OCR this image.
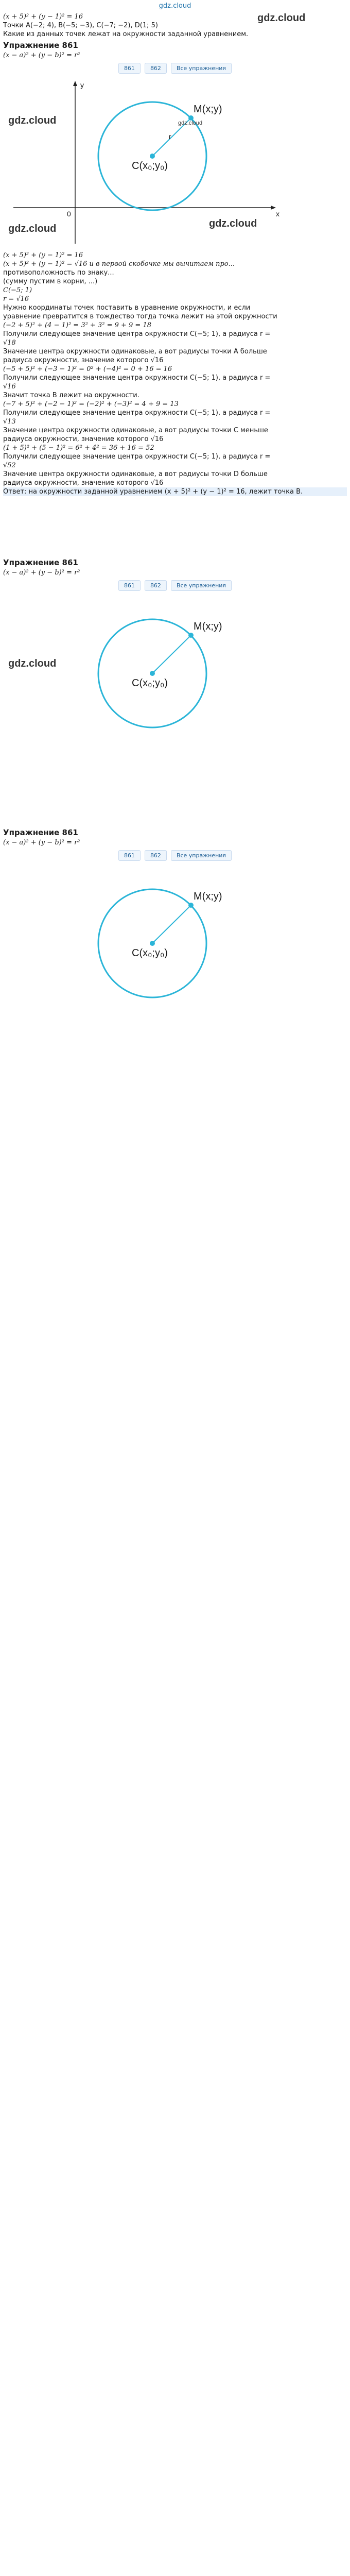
gdz.cloud

(x + 5)² + (y − 1)² = 16

Точки A(−2; 4), B(−5; −3), C(−7; −2), D(1; 5)

Какие из данных точек лежат на окружности заданной уравнением.

gdz.cloud
Упражнение 861

(x − a)² + (y − b)² = r²

861	862	Все упражнения
M(x;y)
C(x₀;y₀)
r
x
y
0
gdz.cloud
gdz.cloud
gdz.cloud	gdz.cloud

(x + 5)² + (y − 1)² = 16

(x + 5)² + (y − 1)² = √16 и в первой скобочке мы вычитаем про...

противоположность по знаку...

(сумму пустим в корни, ...)

C(−5; 1)

r = √16

Нужно координаты точек поставить в уравнение окружности, и если

уравнение превратится в тождество тогда точка лежит на этой окружности

(−2 + 5)² + (4 − 1)² = 3² + 3² = 9 + 9 = 18

Получили следующее значение центра окружности C(−5; 1), а радиуса r =

√18

Значение центра окружности одинаковые, а вот радиусы точки A больше

радиуса окружности, значение которого √16

(−5 + 5)² + (−3 − 1)² = 0² + (−4)² = 0 + 16 = 16

Получили следующее значение центра окружности C(−5; 1), а радиуса r =

√16

Значит точка B лежит на окружности.

(−7 + 5)² + (−2 − 1)² = (−2)² + (−3)² = 4 + 9 = 13

Получили следующее значение центра окружности C(−5; 1), а радиуса r =

√13

Значение центра окружности одинаковые, а вот радиусы точки C меньше

радиуса окружности, значение которого √16

(1 + 5)² + (5 − 1)² = 6² + 4² = 36 + 16 = 52

Получили следующее значение центра окружности C(−5; 1), а радиуса r =

√52

Значение центра окружности одинаковые, а вот радиусы точки D больше

радиуса окружности, значение которого √16

Ответ: на окружности заданной уравнением (x + 5)² + (y − 1)² = 16, лежит точка B.

Упражнение 861

(x − a)² + (y − b)² = r²

861	862	Все упражнения
M(x;y)
C(x₀;y₀)
gdz.cloud
Упражнение 861

(x − a)² + (y − b)² = r²

861	862	Все упражнения
M(x;y)
C(x₀;y₀)
